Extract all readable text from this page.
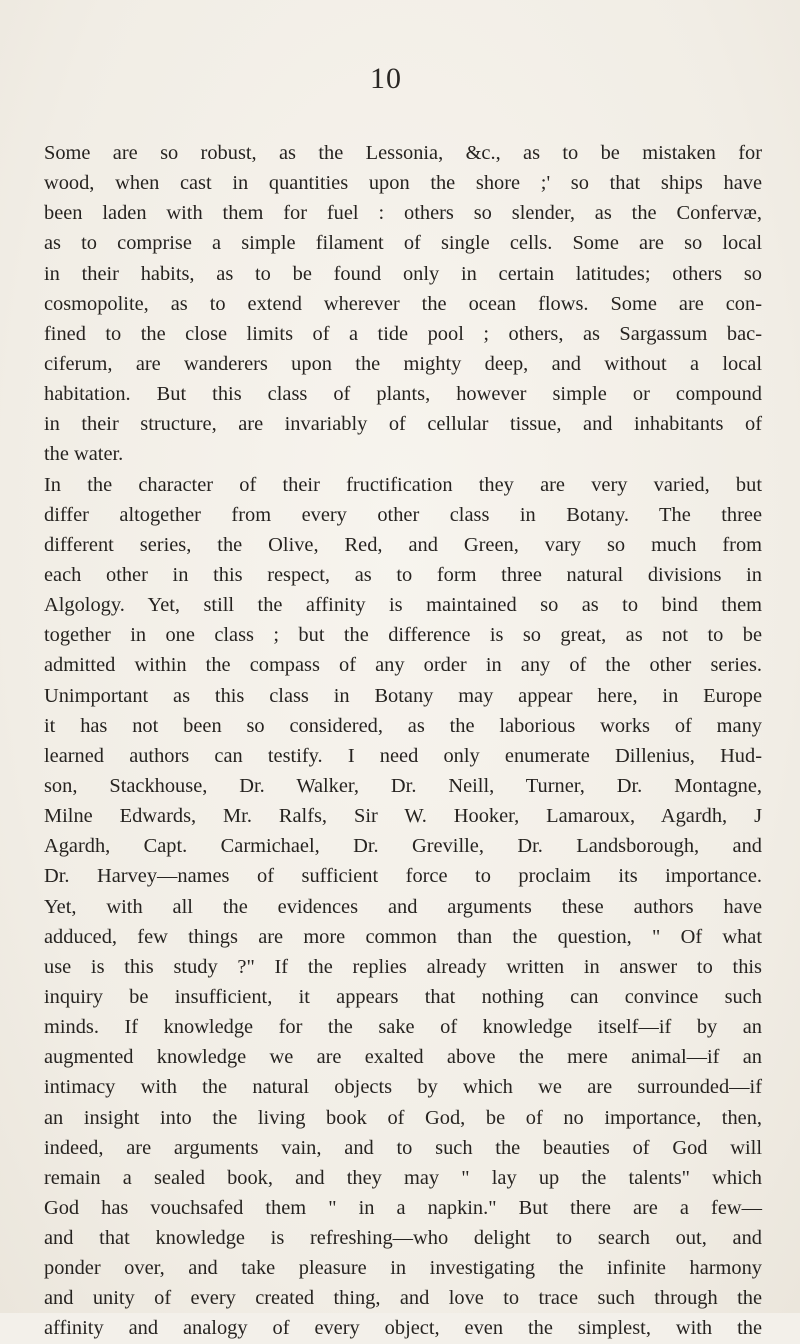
10
Some are so robust, as the Lessonia, &c., as to be mistaken for
wood, when cast in quantities upon the shore ;' so that ships have
been laden with them for fuel : others so slender, as the Confervæ,
as to comprise a simple filament of single cells. Some are so local
in their habits, as to be found only in certain latitudes; others so
cosmopolite, as to extend wherever the ocean flows. Some are con-
fined to the close limits of a tide pool ; others, as Sargassum bac-
ciferum, are wanderers upon the mighty deep, and without a local
habitation. But this class of plants, however simple or compound
in their structure, are invariably of cellular tissue, and inhabitants of
the water.
In the character of their fructification they are very varied, but
differ altogether from every other class in Botany. The three
different series, the Olive, Red, and Green, vary so much from
each other in this respect, as to form three natural divisions in
Algology. Yet, still the affinity is maintained so as to bind them
together in one class ; but the difference is so great, as not to be
admitted within the compass of any order in any of the other series.
Unimportant as this class in Botany may appear here, in Europe
it has not been so considered, as the laborious works of many
learned authors can testify. I need only enumerate Dillenius, Hud-
son, Stackhouse, Dr. Walker, Dr. Neill, Turner, Dr. Montagne,
Milne Edwards, Mr. Ralfs, Sir W. Hooker, Lamaroux, Agardh, J
Agardh, Capt. Carmichael, Dr. Greville, Dr. Landsborough, and
Dr. Harvey—names of sufficient force to proclaim its importance.
Yet, with all the evidences and arguments these authors have
adduced, few things are more common than the question, " Of what
use is this study ?" If the replies already written in answer to this
inquiry be insufficient, it appears that nothing can convince such
minds. If knowledge for the sake of knowledge itself—if by an
augmented knowledge we are exalted above the mere animal—if an
intimacy with the natural objects by which we are surrounded—if
an insight into the living book of God, be of no importance, then,
indeed, are arguments vain, and to such the beauties of God will
remain a sealed book, and they may " lay up the talents" which
God has vouchsafed them " in a napkin." But there are a few—
and that knowledge is refreshing—who delight to search out, and
ponder over, and take pleasure in investigating the infinite harmony
and unity of every created thing, and love to trace such through the
affinity and analogy of every object, even the simplest, with the
